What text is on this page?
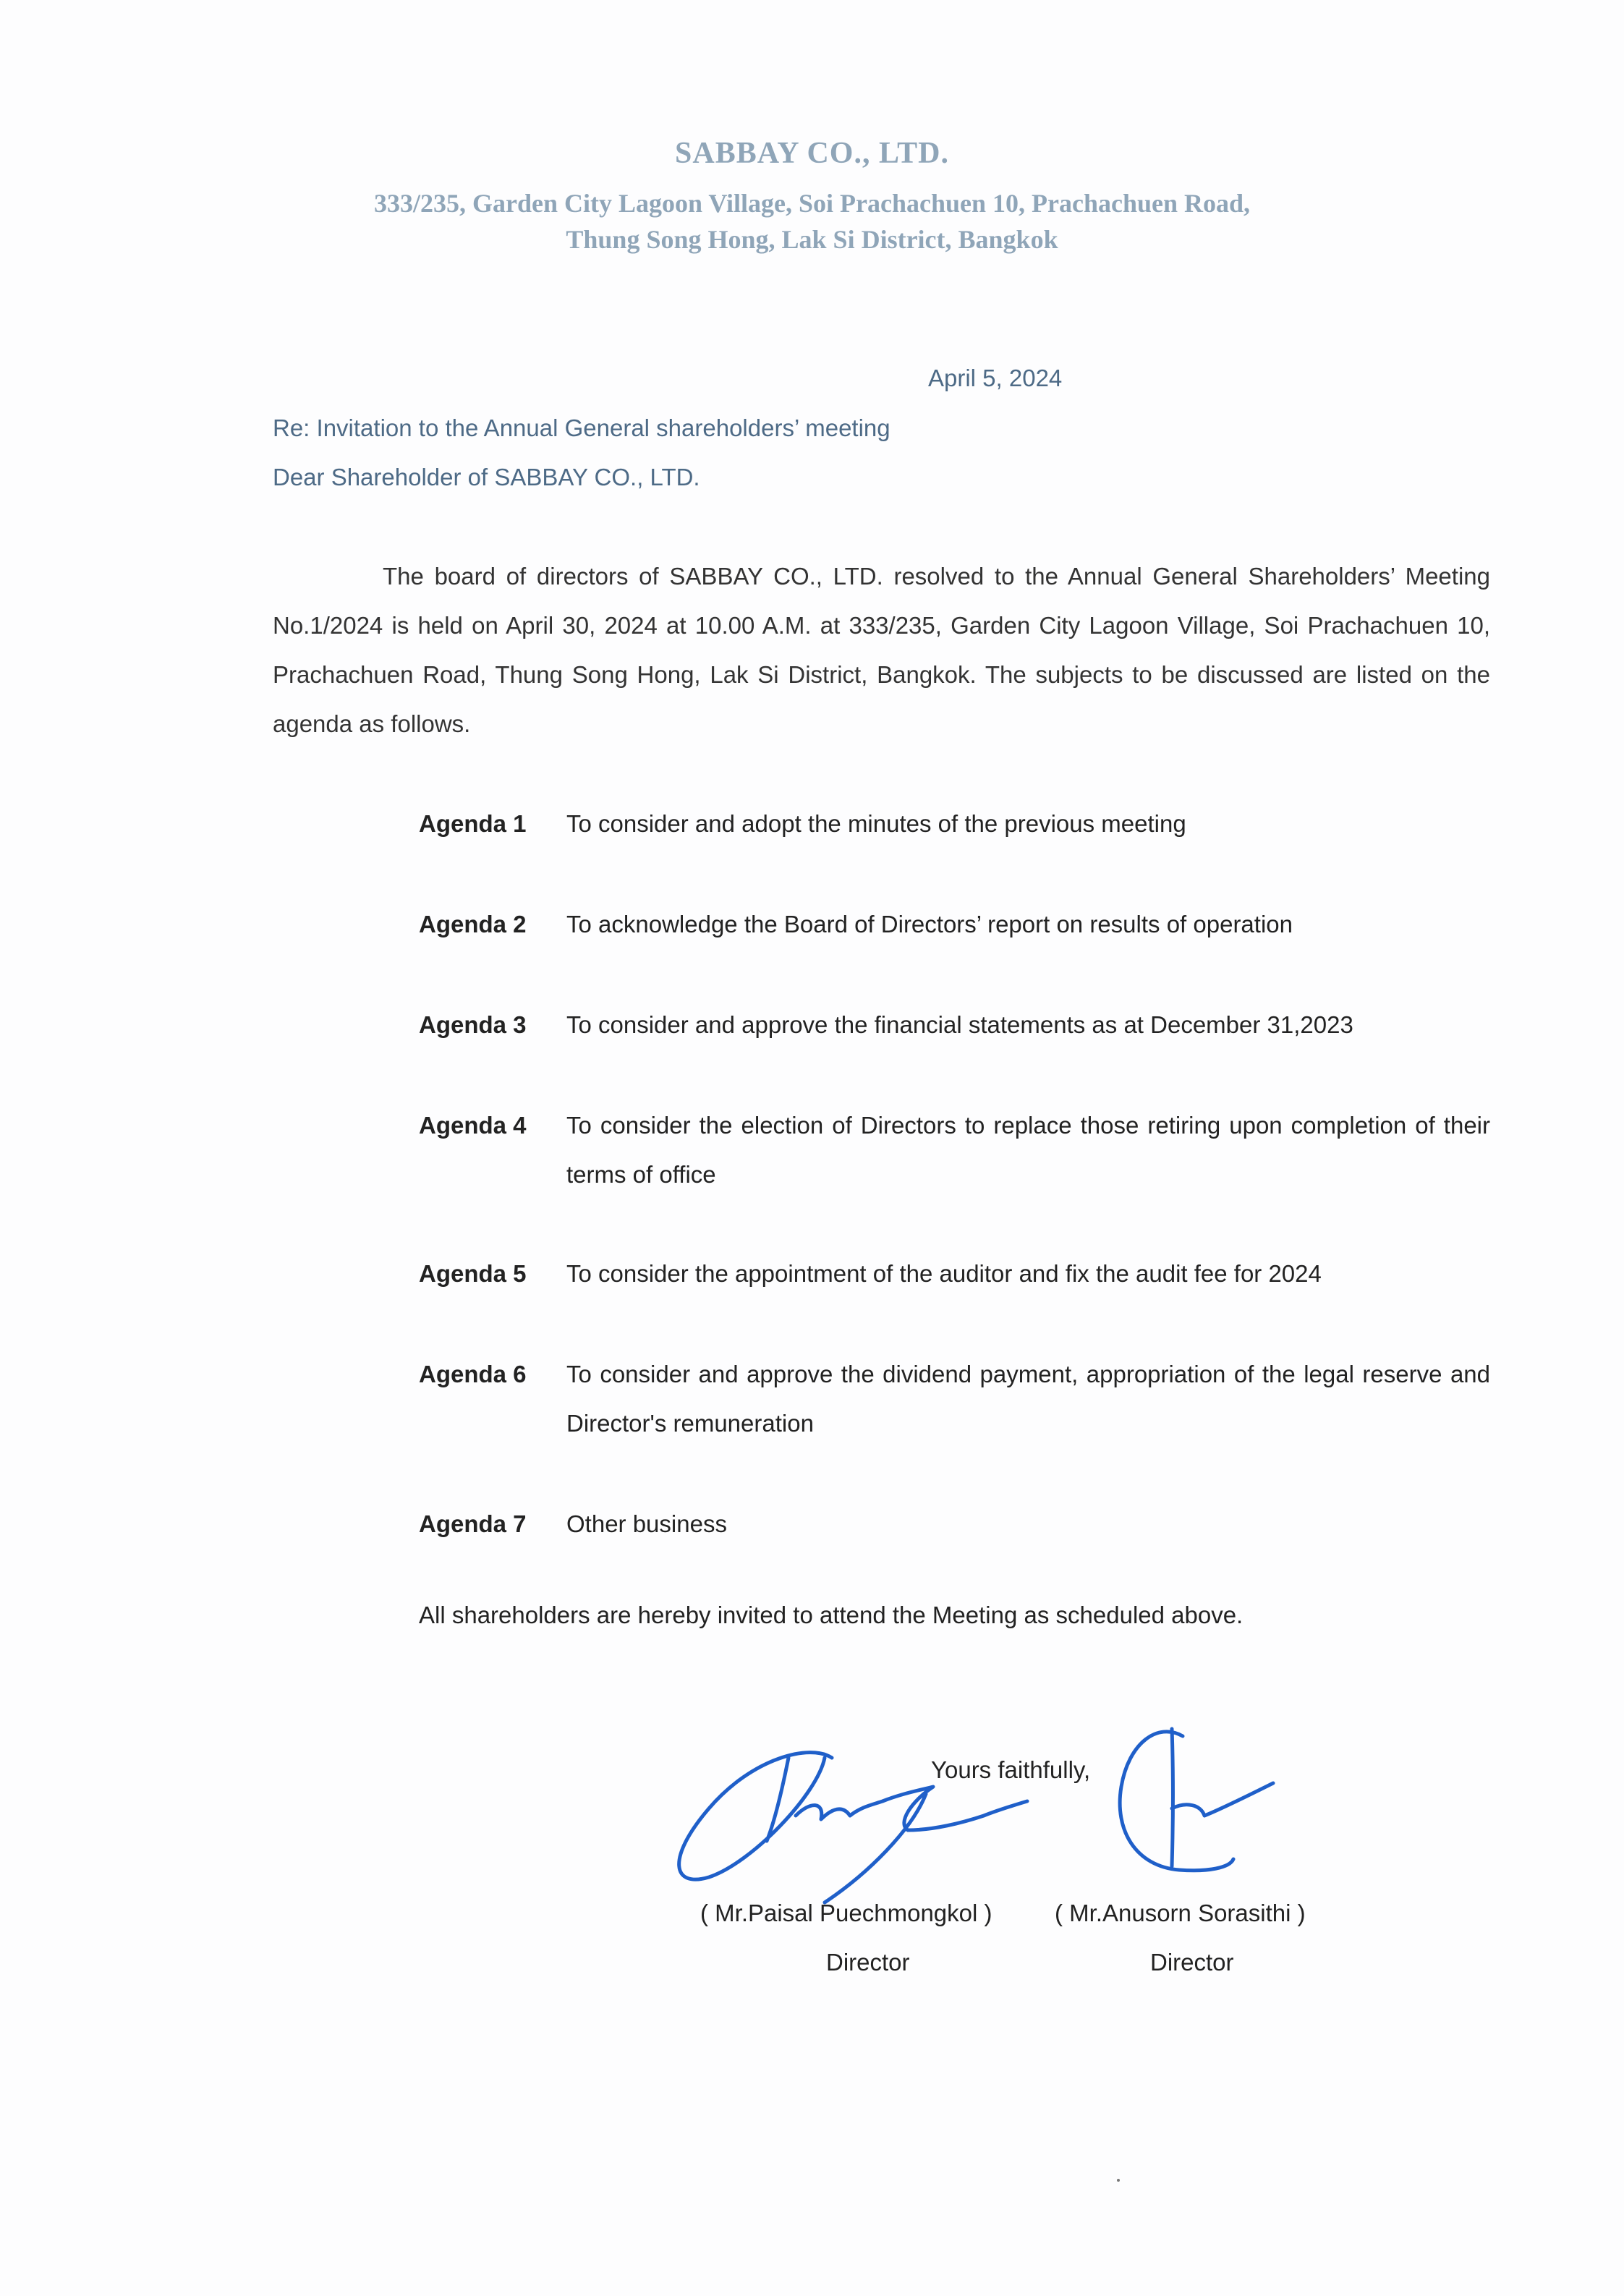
SABBAY CO., LTD.
333/235, Garden City Lagoon Village, Soi Prachachuen 10, Prachachuen Road,
Thung Song Hong, Lak Si District, Bangkok
April 5, 2024
Re: Invitation to the Annual General shareholders’ meeting
Dear Shareholder of SABBAY CO., LTD.
The board of directors of SABBAY CO., LTD. resolved to the Annual General Shareholders’ Meeting No.1/2024 is held on April 30, 2024 at 10.00 A.M. at 333/235, Garden City Lagoon Village, Soi Prachachuen 10, Prachachuen Road, Thung Song Hong, Lak Si District, Bangkok. The subjects to be discussed are listed on the agenda as follows.
Agenda 1 To consider and adopt the minutes of the previous meeting
Agenda 2 To acknowledge the Board of Directors’ report on results of operation
Agenda 3 To consider and approve the financial statements as at December 31,2023
Agenda 4 To consider the election of Directors to replace those retiring upon completion of their terms of office
Agenda 5 To consider the appointment of the auditor and fix the audit fee for 2024
Agenda 6 To consider and approve the dividend payment, appropriation of the legal reserve and Director's remuneration
Agenda 7 Other business
All shareholders are hereby invited to attend the Meeting as scheduled above.
Yours faithfully,
( Mr.Paisal Puechmongkol )
Director
( Mr.Anusorn Sorasithi )
Director
